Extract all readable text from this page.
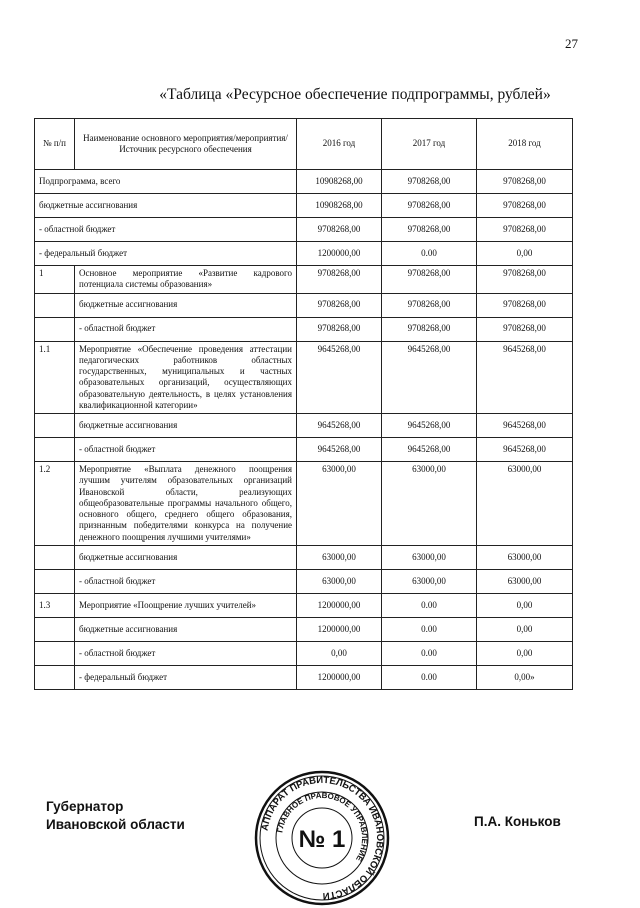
27
«Таблица «Ресурсное обеспечение подпрограммы, рублей»
№ п/п	Наименование основного мероприятия/мероприятия/ Источник ресурсного обеспечения	2016 год	2017 год	2018 год
Подпрограмма, всего		10908268,00	9708268,00	9708268,00
бюджетные ассигнования		10908268,00	9708268,00	9708268,00
- областной бюджет		9708268,00	9708268,00	9708268,00
- федеральный бюджет		1200000,00	0.00	0,00
1	Основное мероприятие «Развитие кадрового потенциала системы образования»	9708268,00	9708268,00	9708268,00
	бюджетные ассигнования	9708268,00	9708268,00	9708268,00
	- областной бюджет	9708268,00	9708268,00	9708268,00
1.1	Мероприятие «Обеспечение проведения аттестации педагогических работников областных государственных, муниципальных и частных образовательных организаций, осуществляющих образовательную деятельность, в целях установления квалификационной категории»	9645268,00	9645268,00	9645268,00
	бюджетные ассигнования	9645268,00	9645268,00	9645268,00
	- областной бюджет	9645268,00	9645268,00	9645268,00
1.2	Мероприятие «Выплата денежного поощрения лучшим учителям образовательных организаций Ивановской области, реализующих общеобразовательные программы начального общего, основного общего, среднего общего образования, признанным победителями конкурса на получение денежного поощрения лучшими учителями»	63000,00	63000,00	63000,00
	бюджетные ассигнования	63000,00	63000,00	63000,00
	- областной бюджет	63000,00	63000,00	63000,00
1.3	Мероприятие «Поощрение лучших учителей»	1200000,00	0.00	0,00
	бюджетные ассигнования	1200000,00	0.00	0,00
	- областной бюджет	0,00	0.00	0,00
	- федеральный бюджет	1200000,00	0.00	0,00»
Губернатор
Ивановской области	П.А. Коньков
АППАРАТ ПРАВИТЕЛЬСТВА ИВАНОВСКОЙ ОБЛАСТИ
ГЛАВНОЕ ПРАВОВОЕ УПРАВЛЕНИЕ
№ 1
